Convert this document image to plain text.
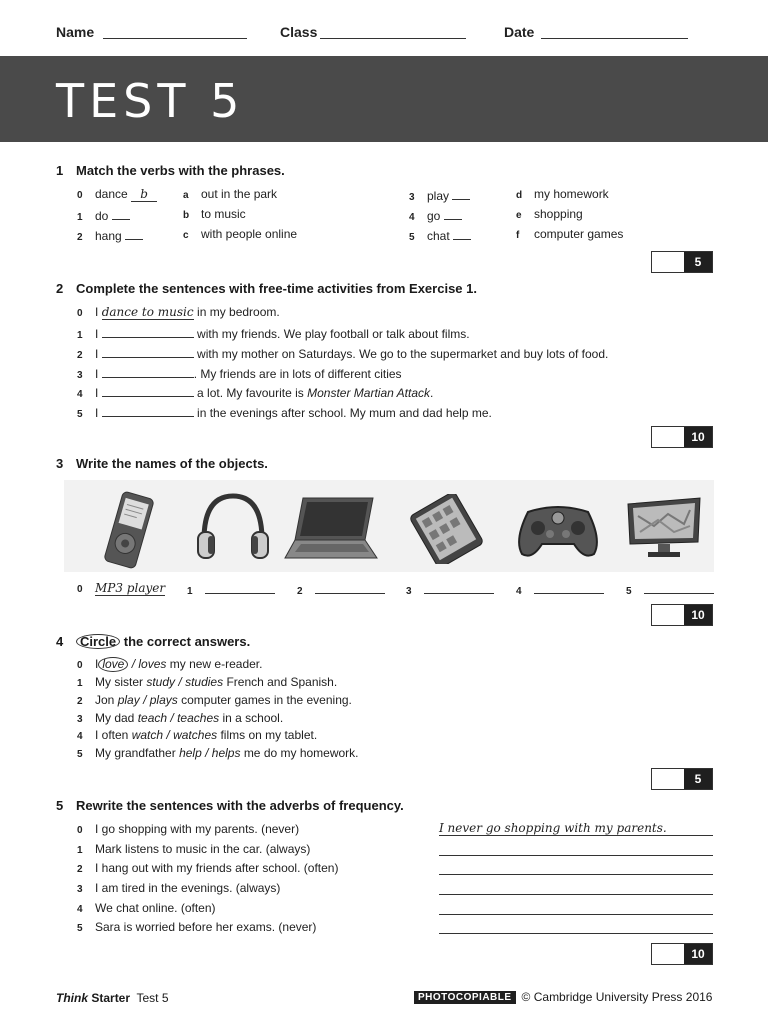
Name	Class	Date
TEST 5
1 Match the verbs with the phrases.
0 dance b
1 do
2 hang
a out in the park
b to music
c with people online
3 play
4 go
5 chat
d my homework
e shopping
f computer games
5
2 Complete the sentences with free-time activities from Exercise 1.
0 I dance to music in my bedroom.
1 I	with my friends. We play football or talk about films.
2 I	with my mother on Saturdays. We go to the supermarket and buy lots of food.
3 I	. My friends are in lots of different cities
4 I	a lot. My favourite is Monster Martian Attack.
5 I	in the evenings after school. My mum and dad help me.
10
3 Write the names of the objects.
0 MP3 player 1	2	3	4	5
10
4	Circle the correct answers.
0 I love / loves my new e-reader.
1 My sister study / studies French and Spanish.
2 Jon play / plays computer games in the evening.
3 My dad teach / teaches in a school.
4 I often watch / watches films on my tablet.
5 My grandfather help / helps me do my homework.
5
5 Rewrite the sentences with the adverbs of frequency.
0 I go shopping with my parents. (never)
1 Mark listens to music in the car. (always)
2 I hang out with my friends after school. (often)
3 I am tired in the evenings. (always)
4 We chat online. (often)
5 Sara is worried before her exams. (never)
I never go shopping with my parents.
10
Think Starter Test 5	PHOTOCOPIABLE © Cambridge University Press 2016
